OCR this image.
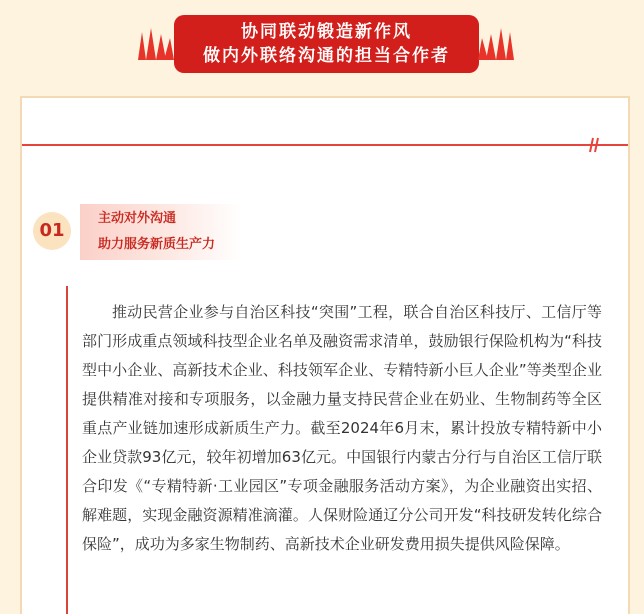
协同联动锻造新作风
做内外联络沟通的担当合作者
01
主动对外沟通
助力服务新质生产力

推动民营企业参与自治区科技“突围”工程，联合自治区科技厅、工信厅等部门形成重点领域科技型企业名单及融资需求清单，鼓励银行保险机构为“科技型中小企业、高新技术企业、科技领军企业、专精特新小巨人企业”等类型企业提供精准对接和专项服务，以金融力量支持民营企业在奶业、生物制药等全区重点产业链加速形成新质生产力。截至2024年6月末，累计投放专精特新中小企业贷款93亿元，较年初增加63亿元。中国银行内蒙古分行与自治区工信厅联合印发《“专精特新·工业园区”专项金融服务活动方案》，为企业融资出实招、解难题，实现金融资源精准滴灌。人保财险通辽分公司开发“科技研发转化综合保险”，成功为多家生物制药、高新技术企业研发费用损失提供风险保障。
